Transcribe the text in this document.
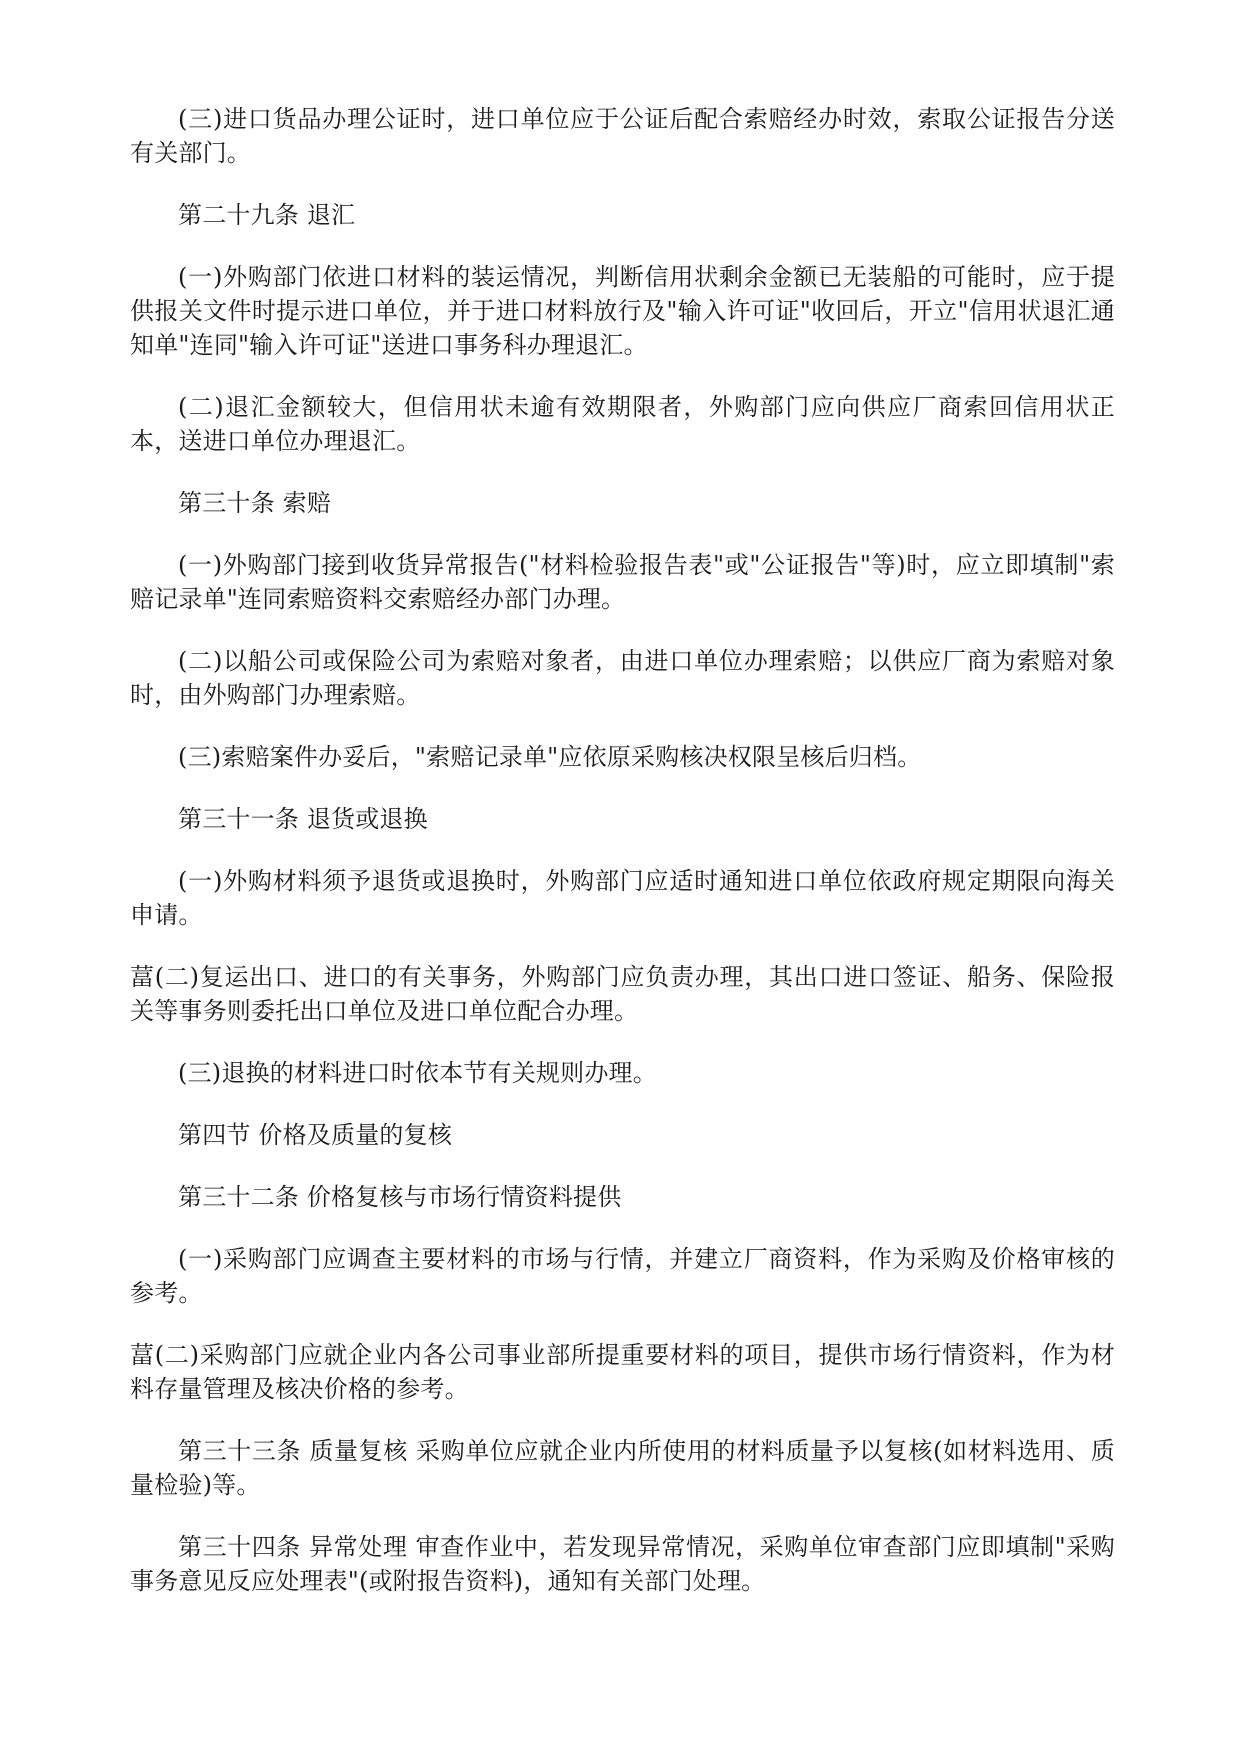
(三)进口货品办理公证时，进口单位应于公证后配合索赔经办时效，索取公证报告分送有关部门。

第二十九条 退汇

(一)外购部门依进口材料的装运情况，判断信用状剩余金额已无装船的可能时，应于提供报关文件时提示进口单位，并于进口材料放行及"输入许可证"收回后，开立"信用状退汇通知单"连同"输入许可证"送进口事务科办理退汇。

(二)退汇金额较大，但信用状未逾有效期限者，外购部门应向供应厂商索回信用状正本，送进口单位办理退汇。

第三十条 索赔

(一)外购部门接到收货异常报告("材料检验报告表"或"公证报告"等)时，应立即填制"索赔记录单"连同索赔资料交索赔经办部门办理。

(二)以船公司或保险公司为索赔对象者，由进口单位办理索赔；以供应厂商为索赔对象时，由外购部门办理索赔。

(三)索赔案件办妥后，"索赔记录单"应依原采购核决权限呈核后归档。

第三十一条 退货或退换

(一)外购材料须予退货或退换时，外购部门应适时通知进口单位依政府规定期限向海关申请。

葍(二)复运出口、进口的有关事务，外购部门应负责办理，其出口进口签证、船务、保险报关等事务则委托出口单位及进口单位配合办理。

(三)退换的材料进口时依本节有关规则办理。

第四节 价格及质量的复核

第三十二条 价格复核与市场行情资料提供

(一)采购部门应调查主要材料的市场与行情，并建立厂商资料，作为采购及价格审核的参考。

葍(二)采购部门应就企业内各公司事业部所提重要材料的项目，提供市场行情资料，作为材料存量管理及核决价格的参考。

第三十三条 质量复核 采购单位应就企业内所使用的材料质量予以复核(如材料选用、质量检验)等。

第三十四条 异常处理 审查作业中，若发现异常情况，采购单位审查部门应即填制"采购事务意见反应处理表"(或附报告资料)，通知有关部门处理。
